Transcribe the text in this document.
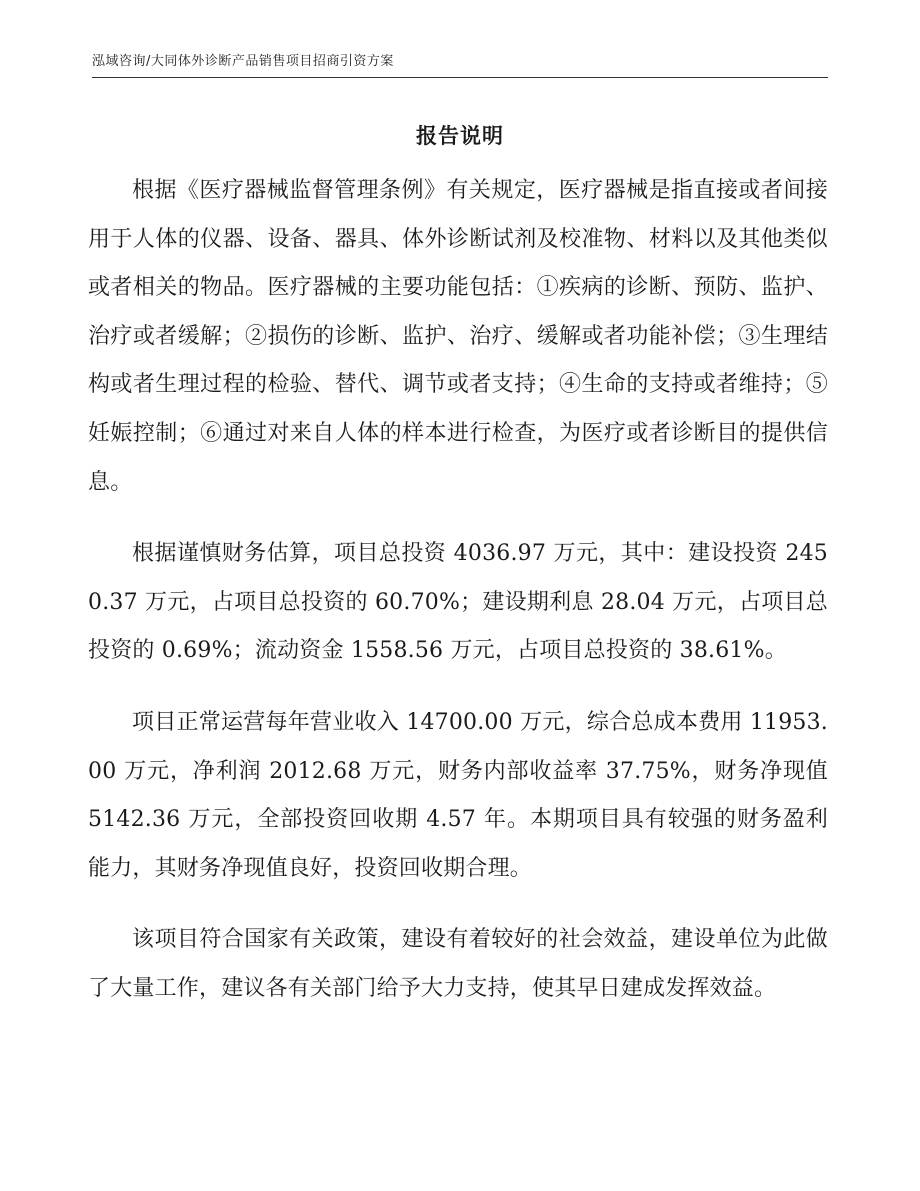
泓域咨询/大同体外诊断产品销售项目招商引资方案
报告说明

根据《医疗器械监督管理条例》有关规定，医疗器械是指直接或者间接用于人体的仪器、设备、器具、体外诊断试剂及校准物、材料以及其他类似或者相关的物品。医疗器械的主要功能包括：①疾病的诊断、预防、监护、治疗或者缓解；②损伤的诊断、监护、治疗、缓解或者功能补偿；③生理结构或者生理过程的检验、替代、调节或者支持；④生命的支持或者维持；⑤妊娠控制；⑥通过对来自人体的样本进行检查，为医疗或者诊断目的提供信息。

根据谨慎财务估算，项目总投资 4036.97 万元，其中：建设投资 2450.37 万元，占项目总投资的 60.70%；建设期利息 28.04 万元，占项目总投资的 0.69%；流动资金 1558.56 万元，占项目总投资的 38.61%。

项目正常运营每年营业收入 14700.00 万元，综合总成本费用 11953.00 万元，净利润 2012.68 万元，财务内部收益率 37.75%，财务净现值 5142.36 万元，全部投资回收期 4.57 年。本期项目具有较强的财务盈利能力，其财务净现值良好，投资回收期合理。

该项目符合国家有关政策，建设有着较好的社会效益，建设单位为此做了大量工作，建议各有关部门给予大力支持，使其早日建成发挥效益。
